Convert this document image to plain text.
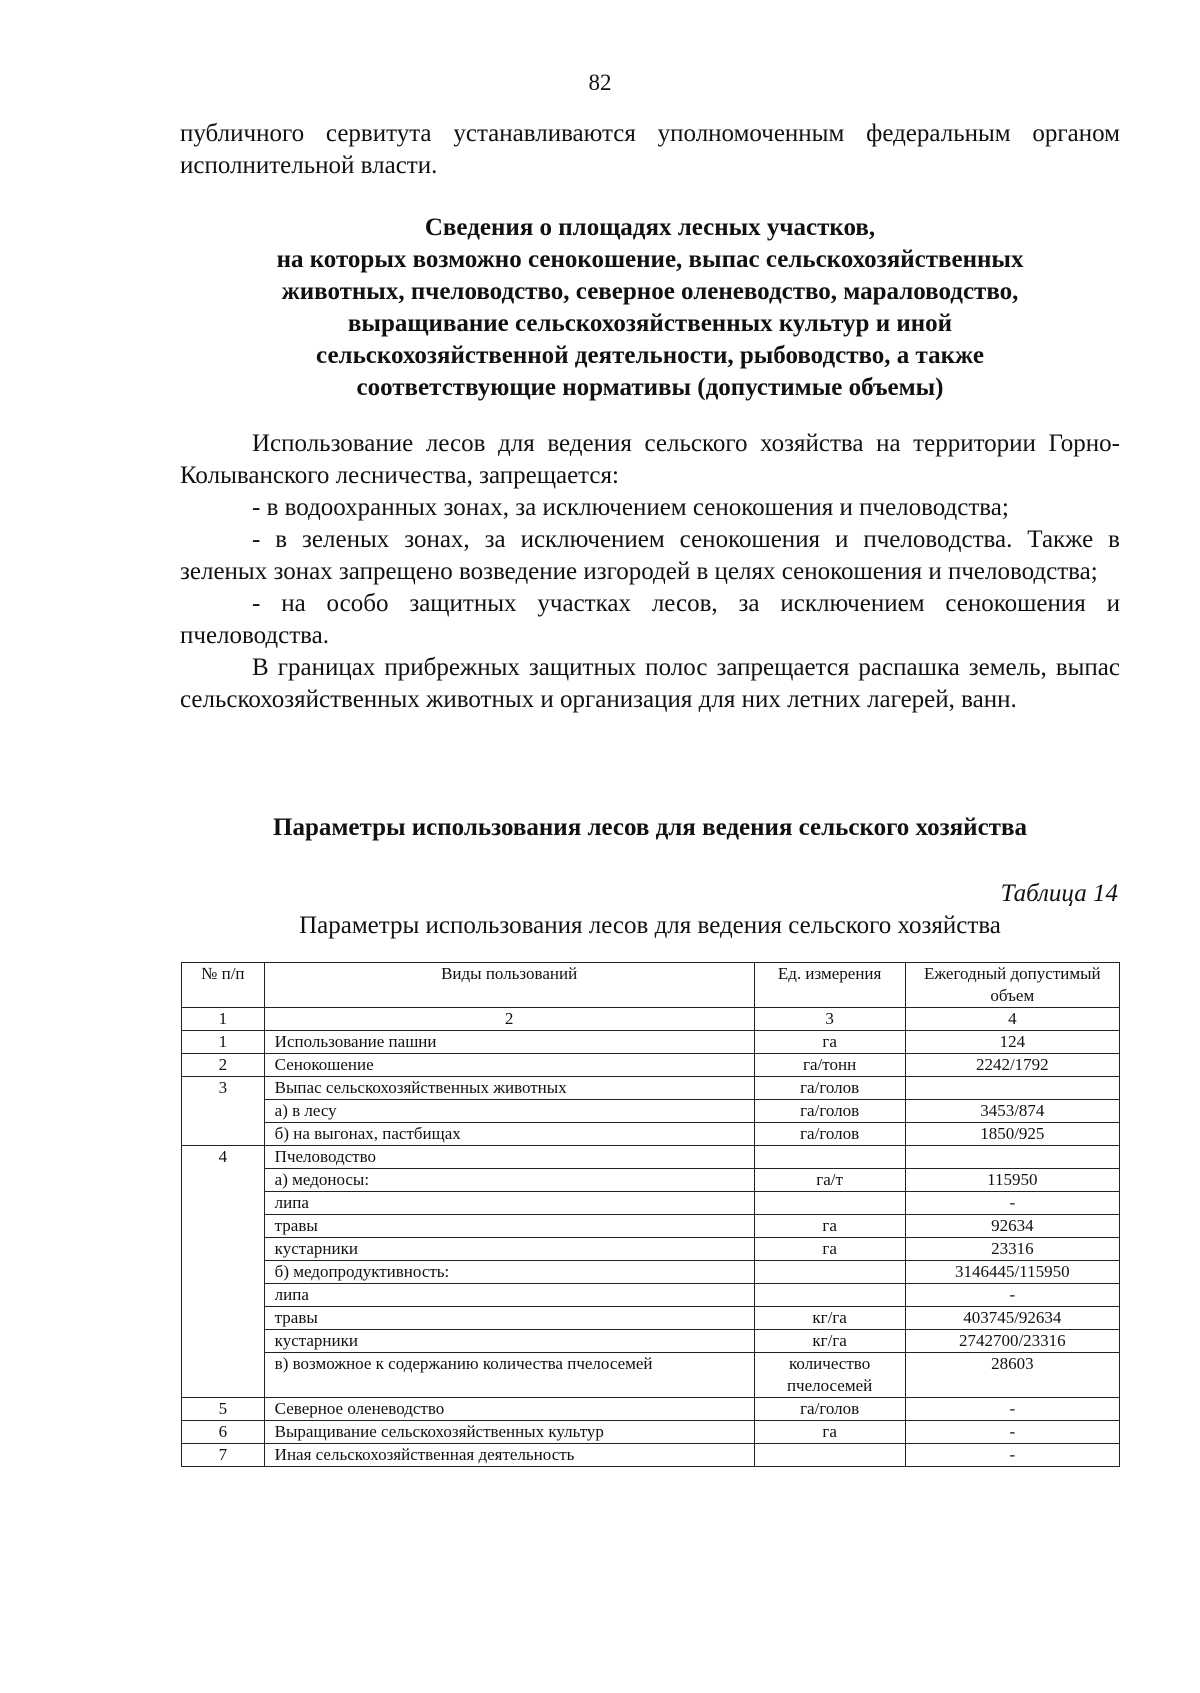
82

публичного сервитута устанавливаются уполномоченным федеральным органом исполнительной власти.

Сведения о площадях лесных участков,
на которых возможно сенокошение, выпас сельскохозяйственных
животных, пчеловодство, северное оленеводство, мараловодство,
выращивание сельскохозяйственных культур и иной
сельскохозяйственной деятельности, рыбоводство, а также
соответствующие нормативы (допустимые объемы)

Использование лесов для ведения сельского хозяйства на территории Горно-Колыванского лесничества, запрещается:

- в водоохранных зонах, за исключением сенокошения и пчеловодства;

- в зеленых зонах, за исключением сенокошения и пчеловодства. Также в зеленых зонах запрещено возведение изгородей в целях сенокошения и пчеловодства;

- на особо защитных участках лесов, за исключением сенокошения и пчеловодства.

В границах прибрежных защитных полос запрещается распашка земель, выпас сельскохозяйственных животных и организация для них летних лагерей, ванн.

Параметры использования лесов для ведения сельского хозяйства
Таблица 14
Параметры использования лесов для ведения сельского хозяйства
№ п/п	Виды пользований	Ед. измерения	Ежегодный допустимый объем
1	2	3	4
1	Использование пашни	га	124
2	Сенокошение	га/тонн	2242/1792
3	Выпас сельскохозяйственных животных	га/голов	
	а) в лесу	га/голов	3453/874
	б) на выгонах, пастбищах	га/голов	1850/925
4	Пчеловодство		
	а) медоносы:	га/т	115950
	липа		-
	травы	га	92634
	кустарники	га	23316
	б) медопродуктивность:		3146445/115950
	липа		-
	травы	кг/га	403745/92634
	кустарники	кг/га	2742700/23316
	в) возможное к содержанию количества пчелосемей	количество пчелосемей	28603
5	Северное оленеводство	га/голов	-
6	Выращивание сельскохозяйственных культур	га	-
7	Иная сельскохозяйственная деятельность		-
